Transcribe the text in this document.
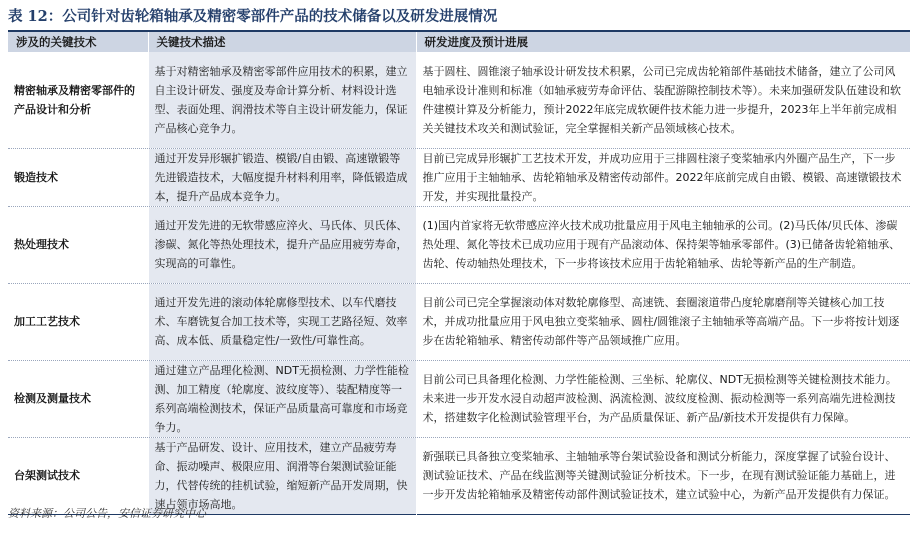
表 12：公司针对齿轮箱轴承及精密零部件产品的技术储备以及研发进展情况
涉及的关键技术	关键技术描述	研发进度及预计进展
精密轴承及精密零部件的产品设计和分析	基于对精密轴承及精密零部件应用技术的积累，建立自主设计研发、强度及寿命计算分析、材料设计选型、表面处理、润滑技术等自主设计研发能力，保证产品核心竞争力。	基于圆柱、圆锥滚子轴承设计研发技术积累，公司已完成齿轮箱部件基础技术储备，建立了公司风电轴承设计准则和标准（如轴承疲劳寿命评估、装配游隙控制技术等）。未来加强研发队伍建设和软件建模计算及分析能力，预计2022年底完成软硬件技术能力进一步提升，2023年上半年前完成相关关键技术攻关和测试验证，完全掌握相关新产品领域核心技术。
锻造技术	通过开发异形辗扩锻造、模锻/自由锻、高速镦锻等先进锻造技术，大幅度提升材料利用率，降低锻造成本，提升产品成本竞争力。	目前已完成异形辗扩工艺技术开发，并成功应用于三排圆柱滚子变桨轴承内外圈产品生产，下一步推广应用于主轴轴承、齿轮箱轴承及精密传动部件。2022年底前完成自由锻、模锻、高速镦锻技术开发，并实现批量投产。
热处理技术	通过开发先进的无软带感应淬火、马氏体、贝氏体、渗碳、氮化等热处理技术，提升产品应用疲劳寿命，实现高的可靠性。	(1)国内首家将无软带感应淬火技术成功批量应用于风电主轴轴承的公司。(2)马氏体/贝氏体、渗碳热处理、氮化等技术已成功应用于现有产品滚动体、保持架等轴承零部件。(3)已储备齿轮箱轴承、齿轮、传动轴热处理技术，下一步将该技术应用于齿轮箱轴承、齿轮等新产品的生产制造。
加工工艺技术	通过开发先进的滚动体轮廓修型技术、以车代磨技术、车磨铣复合加工技术等，实现工艺路径短、效率高、成本低、质量稳定性/一致性/可靠性高。	目前公司已完全掌握滚动体对数轮廓修型、高速铣、套圈滚道带凸度轮廓磨削等关键核心加工技术，并成功批量应用于风电独立变桨轴承、圆柱/圆锥滚子主轴轴承等高端产品。下一步将按计划逐步在齿轮箱轴承、精密传动部件等产品领域推广应用。
检测及测量技术	通过建立产品理化检测、NDT无损检测、力学性能检测、加工精度（轮廓度、波纹度等）、装配精度等一系列高端检测技术，保证产品质量高可靠度和市场竞争力。	目前公司已具备理化检测、力学性能检测、三坐标、轮廓仪、NDT无损检测等关键检测技术能力。未来进一步开发水浸自动超声波检测、涡流检测、波纹度检测、振动检测等一系列高端先进检测技术，搭建数字化检测试验管理平台，为产品质量保证、新产品/新技术开发提供有力保障。
台架测试技术	基于产品研发、设计、应用技术，建立产品疲劳寿命、振动噪声、极限应用、润滑等台架测试验证能力，代替传统的挂机试验，缩短新产品开发周期，快速占领市场高地。	新强联已具备独立变桨轴承、主轴轴承等台架试验设备和测试分析能力，深度掌握了试验台设计、测试验证技术、产品在线监测等关键测试验证分析技术。下一步，在现有测试验证能力基础上，进一步开发齿轮箱轴承及精密传动部件测试验证技术，建立试验中心，为新产品开发提供有力保证。
资料来源：公司公告，安信证券研究中心
